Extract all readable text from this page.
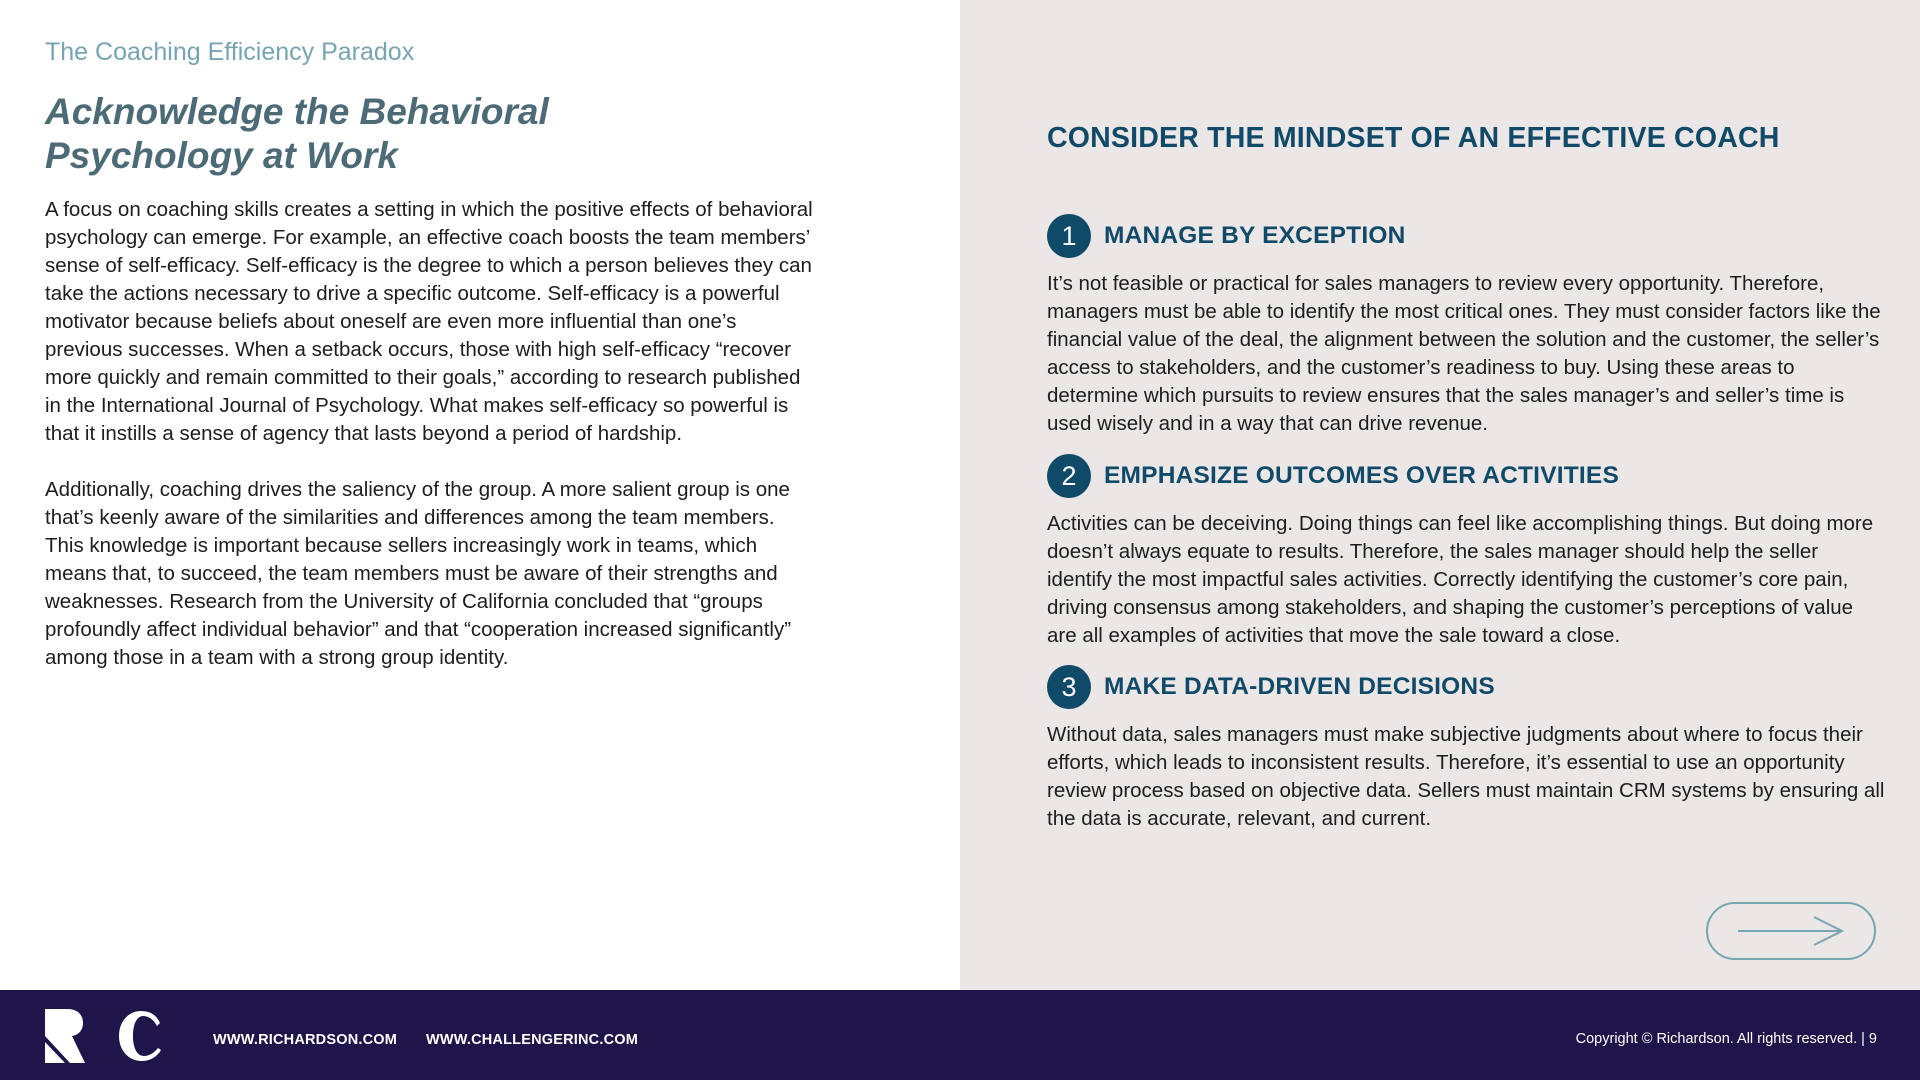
The Coaching Efficiency Paradox
Acknowledge the Behavioral
Psychology at Work

A focus on coaching skills creates a setting in which the positive effects of behavioral psychology can emerge. For example, an effective coach boosts the team members’ sense of self-efficacy. Self-efficacy is the degree to which a person believes they can take the actions necessary to drive a specific outcome. Self-efficacy is a powerful motivator because beliefs about oneself are even more influential than one’s previous successes. When a setback occurs, those with high self-efficacy “recover more quickly and remain committed to their goals,” according to research published in the International Journal of Psychology. What makes self-efficacy so powerful is that it instills a sense of agency that lasts beyond a period of hardship.

Additionally, coaching drives the saliency of the group. A more salient group is one that’s keenly aware of the similarities and differences among the team members. This knowledge is important because sellers increasingly work in teams, which means that, to succeed, the team members must be aware of their strengths and weaknesses. Research from the University of California concluded that “groups profoundly affect individual behavior” and that “cooperation increased significantly” among those in a team with a strong group identity.

CONSIDER THE MINDSET OF AN EFFECTIVE COACH
1	MANAGE BY EXCEPTION

It’s not feasible or practical for sales managers to review every opportunity. Therefore, managers must be able to identify the most critical ones. They must consider factors like the financial value of the deal, the alignment between the solution and the customer, the seller’s access to stakeholders, and the customer’s readiness to buy. Using these areas to determine which pursuits to review ensures that the sales manager’s and seller’s time is used wisely and in a way that can drive revenue.

2	EMPHASIZE OUTCOMES OVER ACTIVITIES

Activities can be deceiving. Doing things can feel like accomplishing things. But doing more doesn’t always equate to results. Therefore, the sales manager should help the seller identify the most impactful sales activities. Correctly identifying the customer’s core pain, driving consensus among stakeholders, and shaping the customer’s perceptions of value are all examples of activities that move the sale toward a close.

3	MAKE DATA-DRIVEN DECISIONS

Without data, sales managers must make subjective judgments about where to focus their efforts, which leads to inconsistent results. Therefore, it’s essential to use an opportunity review process based on objective data. Sellers must maintain CRM systems by ensuring all the data is accurate, relevant, and current.

WWW.RICHARDSON.COM WWW.CHALLENGERINC.COM	Copyright © Richardson. All rights reserved. | 9
